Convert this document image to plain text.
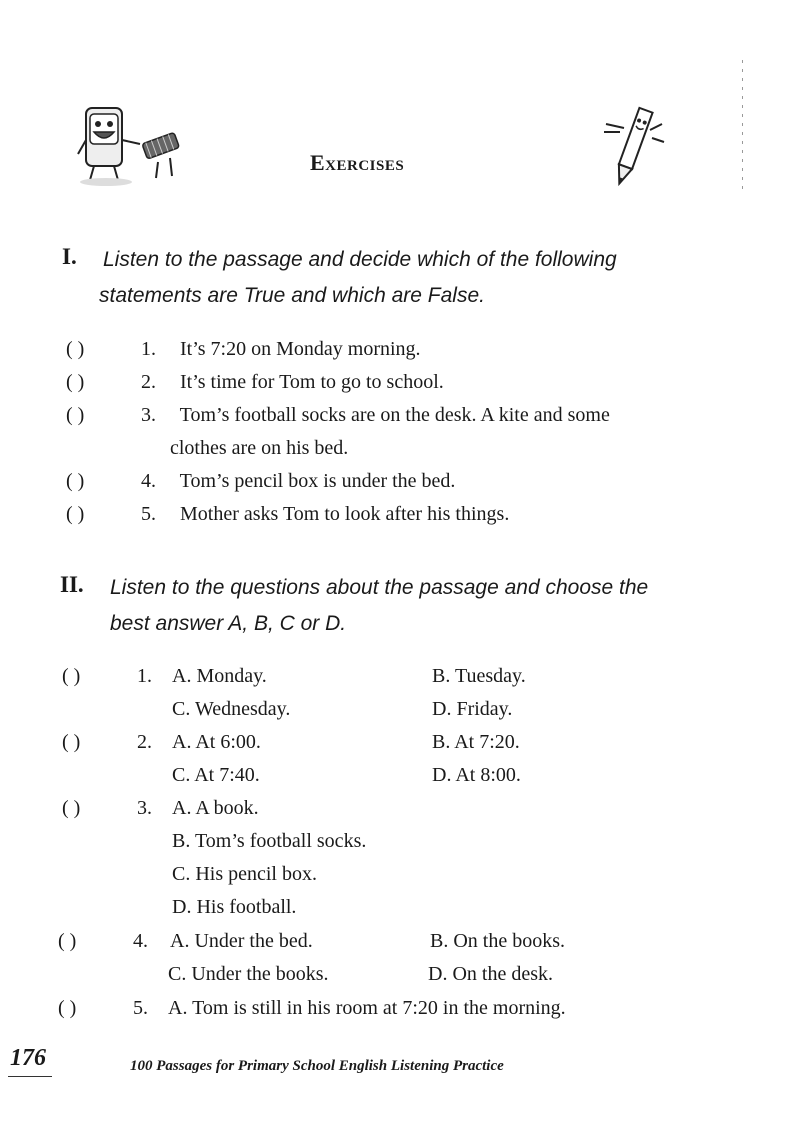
Exercises
I. Listen to the passage and decide which of the following
statements are True and which are False.
( )	1. It’s 7:20 on Monday morning.
( )	2. It’s time for Tom to go to school.
( )	3. Tom’s football socks are on the desk. A kite and some
clothes are on his bed.
( )	4. Tom’s pencil box is under the bed.
( )	5. Mother asks Tom to look after his things.
II. Listen to the questions about the passage and choose the
best answer A, B, C or D.
( )	1.	A. Monday.	B. Tuesday.
C. Wednesday.	D. Friday.
( )	2.	A. At 6:00.	B. At 7:20.
C. At 7:40.	D. At 8:00.
( )	3.	A. A book.
B. Tom’s football socks.
C. His pencil box.
D. His football.
( )	4.	A. Under the bed.	B. On the books.
C. Under the books.	D. On the desk.
( )	5.	A. Tom is still in his room at 7:20 in the morning.
176	100 Passages for Primary School English Listening Practice
